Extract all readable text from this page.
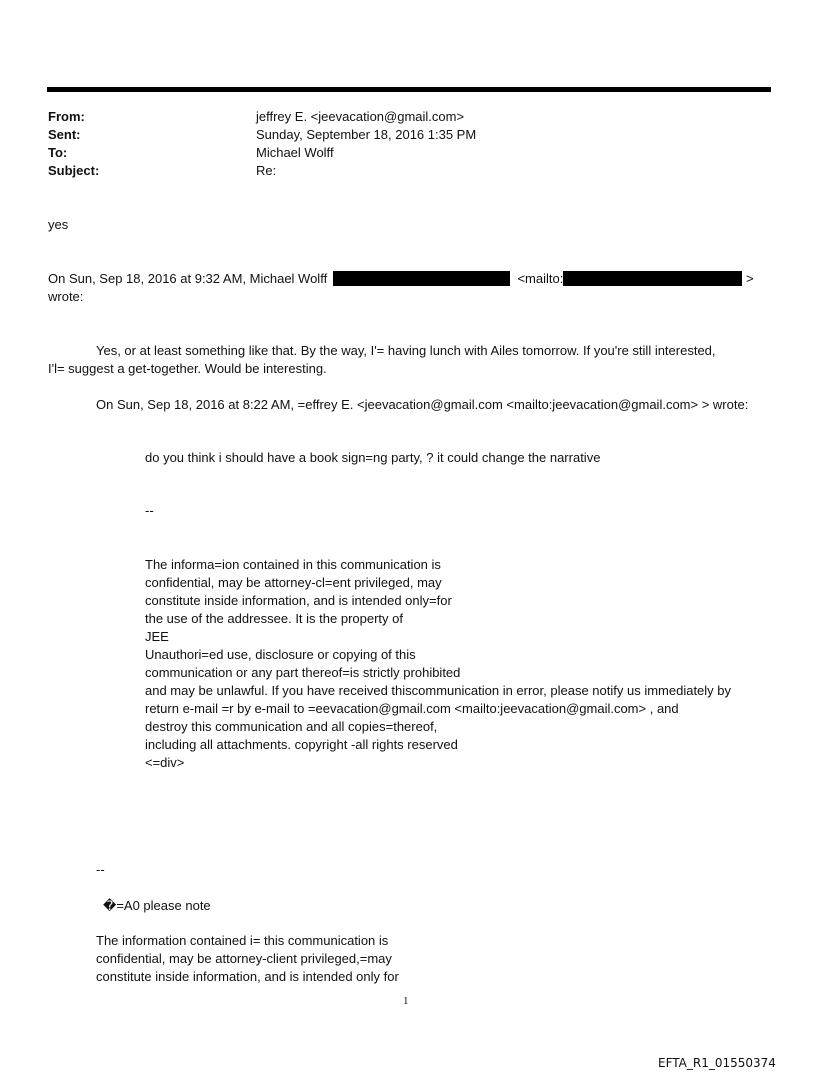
From:	jeffrey E. <jeevacation@gmail.com>
Sent:	Sunday, September 18, 2016 1:35 PM
To:	Michael Wolff
Subject:	Re:
yes
On Sun, Sep 18, 2016 at 9:32 AM, Michael Wolff	<mailto:	>
wrote:
Yes, or at least something like that. By the way, I'= having lunch with Ailes tomorrow. If you're still interested,
I'l= suggest a get-together. Would be interesting.
On Sun, Sep 18, 2016 at 8:22 AM, =effrey E. <jeevacation@gmail.com <mailto:jeevacation@gmail.com> > wrote:
do you think i should have a book sign=ng party, ? it could change the narrative
--
The informa=ion contained in this communication is
confidential, may be attorney-cl=ent privileged, may
constitute inside information, and is intended only=for
the use of the addressee. It is the property of
JEE
Unauthori=ed use, disclosure or copying of this
communication or any part thereof=is strictly prohibited
and may be unlawful. If you have received thiscommunication in error, please notify us immediately by
return e-mail =r by e-mail to =eevacation@gmail.com <mailto:jeevacation@gmail.com> , and
destroy this communication and all copies=thereof,
including all attachments. copyright -all rights reserved
<=div>
--
�=A0 please note
The information contained i= this communication is
confidential, may be attorney-client privileged,=may
constitute inside information, and is intended only for
1
EFTA_R1_01550374
